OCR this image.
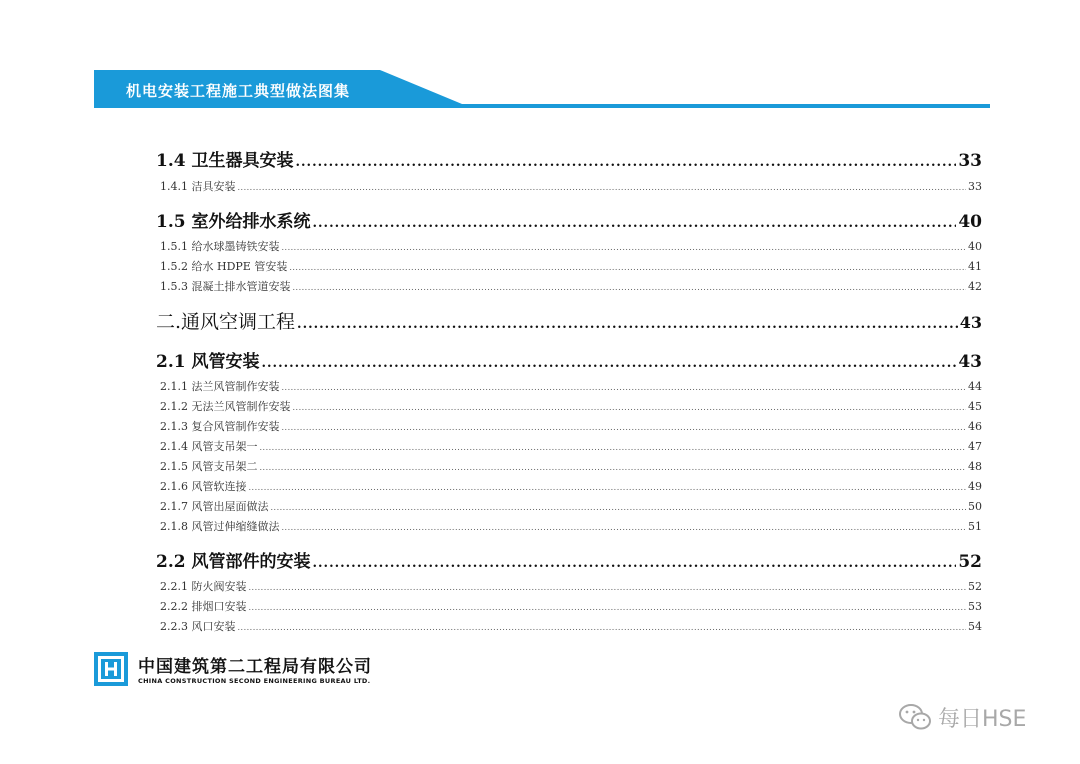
机电安装工程施工典型做法图集
1.4 卫生器具安装 .....	33
1.4.1 洁具安装 .....	33
1.5 室外给排水系统 .....	40
1.5.1 给水球墨铸铁安装 .....	40
1.5.2 给水 HDPE 管安装 .....	41
1.5.3 混凝土排水管道安装 .....	42
二.通风空调工程 .....	43
2.1 风管安装 .....	43
2.1.1 法兰风管制作安装 .....	44
2.1.2 无法兰风管制作安装 .....	45
2.1.3 复合风管制作安装 .....	46
2.1.4 风管支吊架一 .....	47
2.1.5 风管支吊架二 .....	48
2.1.6 风管软连接 .....	49
2.1.7 风管出屋面做法 .....	50
2.1.8 风管过伸缩缝做法 .....	51
2.2 风管部件的安装 .....	52
2.2.1 防火阀安装 .....	52
2.2.2 排烟口安装 .....	53
2.2.3 风口安装 .....	54
中国建筑第二工程局有限公司
CHINA CONSTRUCTION SECOND ENGINEERING BUREAU LTD.
每日HSE
